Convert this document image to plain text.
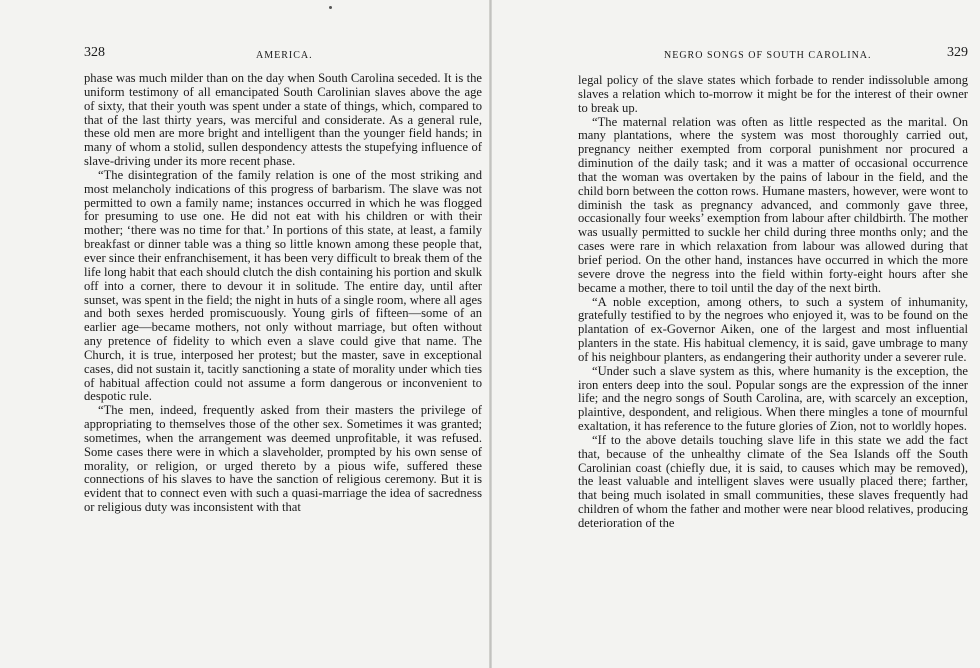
328	AMERICA.

phase was much milder than on the day when South Carolina seceded. It is the uniform testimony of all emancipated South Carolinian slaves above the age of sixty, that their youth was spent under a state of things, which, compared to that of the last thirty years, was merciful and considerate. As a general rule, these old men are more bright and intelligent than the younger field hands; in many of whom a stolid, sullen despondency attests the stupefying influence of slave-driving under its more recent phase.

“The disintegration of the family relation is one of the most striking and most melancholy indications of this progress of barbarism. The slave was not permitted to own a family name; instances occurred in which he was flogged for presuming to use one. He did not eat with his children or with their mother; ‘there was no time for that.’ In portions of this state, at least, a family breakfast or dinner table was a thing so little known among these people that, ever since their enfranchisement, it has been very difficult to break them of the life long habit that each should clutch the dish containing his portion and skulk off into a corner, there to devour it in solitude. The entire day, until after sunset, was spent in the field; the night in huts of a single room, where all ages and both sexes herded promiscuously. Young girls of fifteen—some of an earlier age—became mothers, not only without marriage, but often without any pretence of fidelity to which even a slave could give that name. The Church, it is true, interposed her protest; but the master, save in exceptional cases, did not sustain it, tacitly sanctioning a state of morality under which ties of habitual affection could not assume a form dangerous or inconvenient to despotic rule.

“The men, indeed, frequently asked from their masters the privilege of appropriating to themselves those of the other sex. Sometimes it was granted; sometimes, when the arrangement was deemed unprofitable, it was refused. Some cases there were in which a slaveholder, prompted by his own sense of morality, or religion, or urged thereto by a pious wife, suffered these connections of his slaves to have the sanction of religious ceremony. But it is evident that to connect even with such a quasi-marriage the idea of sacredness or religious duty was inconsistent with that

NEGRO SONGS OF SOUTH CAROLINA.	329

legal policy of the slave states which forbade to render indissoluble among slaves a relation which to-morrow it might be for the interest of their owner to break up.

“The maternal relation was often as little respected as the marital. On many plantations, where the system was most thoroughly carried out, pregnancy neither exempted from corporal punishment nor procured a diminution of the daily task; and it was a matter of occasional occurrence that the woman was overtaken by the pains of labour in the field, and the child born between the cotton rows. Humane masters, however, were wont to diminish the task as pregnancy advanced, and commonly gave three, occasionally four weeks’ exemption from labour after childbirth. The mother was usually permitted to suckle her child during three months only; and the cases were rare in which relaxation from labour was allowed during that brief period. On the other hand, instances have occurred in which the more severe drove the negress into the field within forty-eight hours after she became a mother, there to toil until the day of the next birth.

“A noble exception, among others, to such a system of inhumanity, gratefully testified to by the negroes who enjoyed it, was to be found on the plantation of ex-Governor Aiken, one of the largest and most influential planters in the state. His habitual clemency, it is said, gave umbrage to many of his neighbour planters, as endangering their authority under a severer rule.

“Under such a slave system as this, where humanity is the exception, the iron enters deep into the soul. Popular songs are the expression of the inner life; and the negro songs of South Carolina, are, with scarcely an exception, plaintive, despondent, and religious. When there mingles a tone of mournful exaltation, it has reference to the future glories of Zion, not to worldly hopes.

“If to the above details touching slave life in this state we add the fact that, because of the unhealthy climate of the Sea Islands off the South Carolinian coast (chiefly due, it is said, to causes which may be removed), the least valuable and intelligent slaves were usually placed there; farther, that being much isolated in small communities, these slaves frequently had children of whom the father and mother were near blood relatives, producing deterioration of the
